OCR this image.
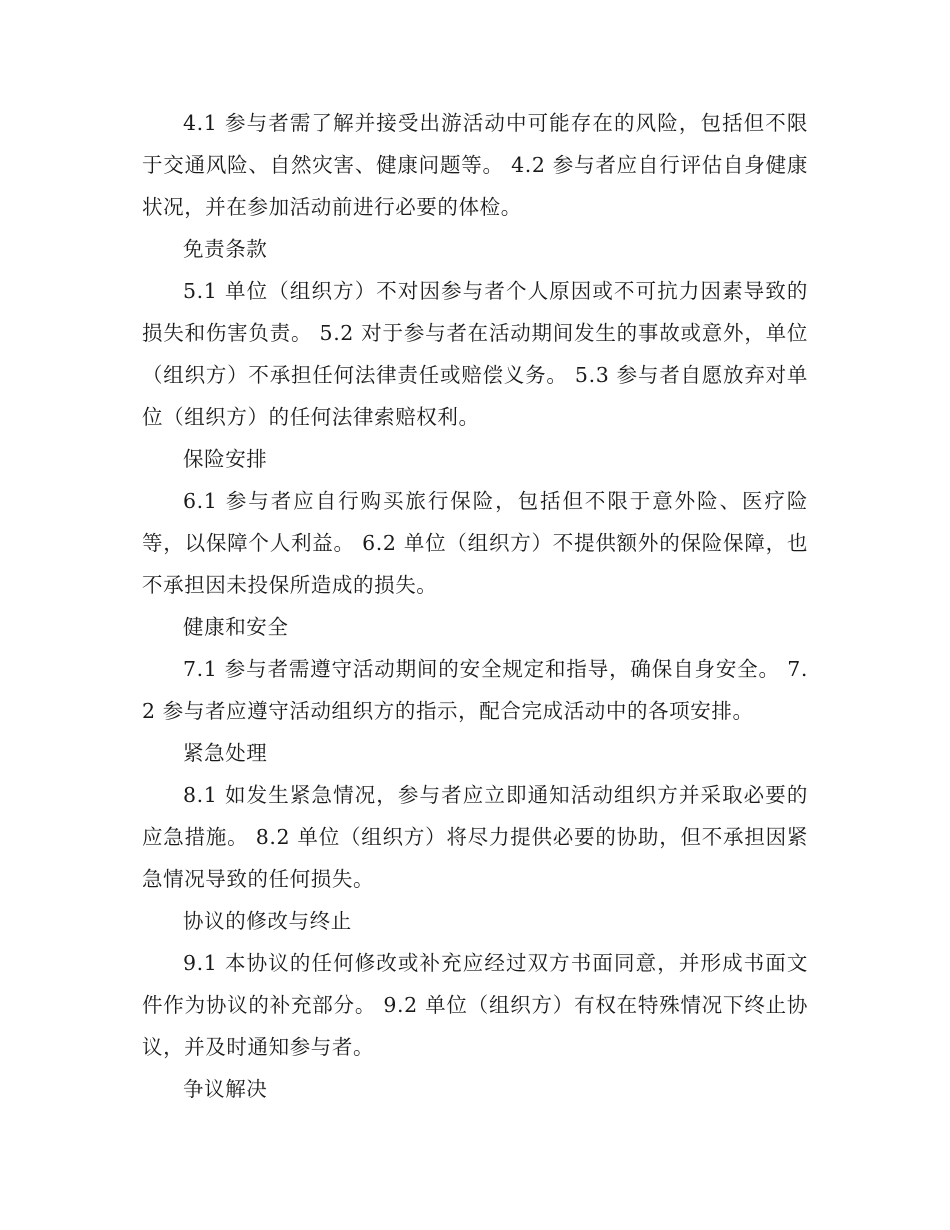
4.1 参与者需了解并接受出游活动中可能存在的风险，包括但不限于交通风险、自然灾害、健康问题等。 4.2 参与者应自行评估自身健康状况，并在参加活动前进行必要的体检。

免责条款

5.1 单位（组织方）不对因参与者个人原因或不可抗力因素导致的损失和伤害负责。 5.2 对于参与者在活动期间发生的事故或意外，单位（组织方）不承担任何法律责任或赔偿义务。 5.3 参与者自愿放弃对单位（组织方）的任何法律索赔权利。

保险安排

6.1 参与者应自行购买旅行保险，包括但不限于意外险、医疗险等，以保障个人利益。 6.2 单位（组织方）不提供额外的保险保障，也不承担因未投保所造成的损失。

健康和安全

7.1 参与者需遵守活动期间的安全规定和指导，确保自身安全。 7.2 参与者应遵守活动组织方的指示，配合完成活动中的各项安排。

紧急处理

8.1 如发生紧急情况，参与者应立即通知活动组织方并采取必要的应急措施。 8.2 单位（组织方）将尽力提供必要的协助，但不承担因紧急情况导致的任何损失。

协议的修改与终止

9.1 本协议的任何修改或补充应经过双方书面同意，并形成书面文件作为协议的补充部分。 9.2 单位（组织方）有权在特殊情况下终止协议，并及时通知参与者。

争议解决
